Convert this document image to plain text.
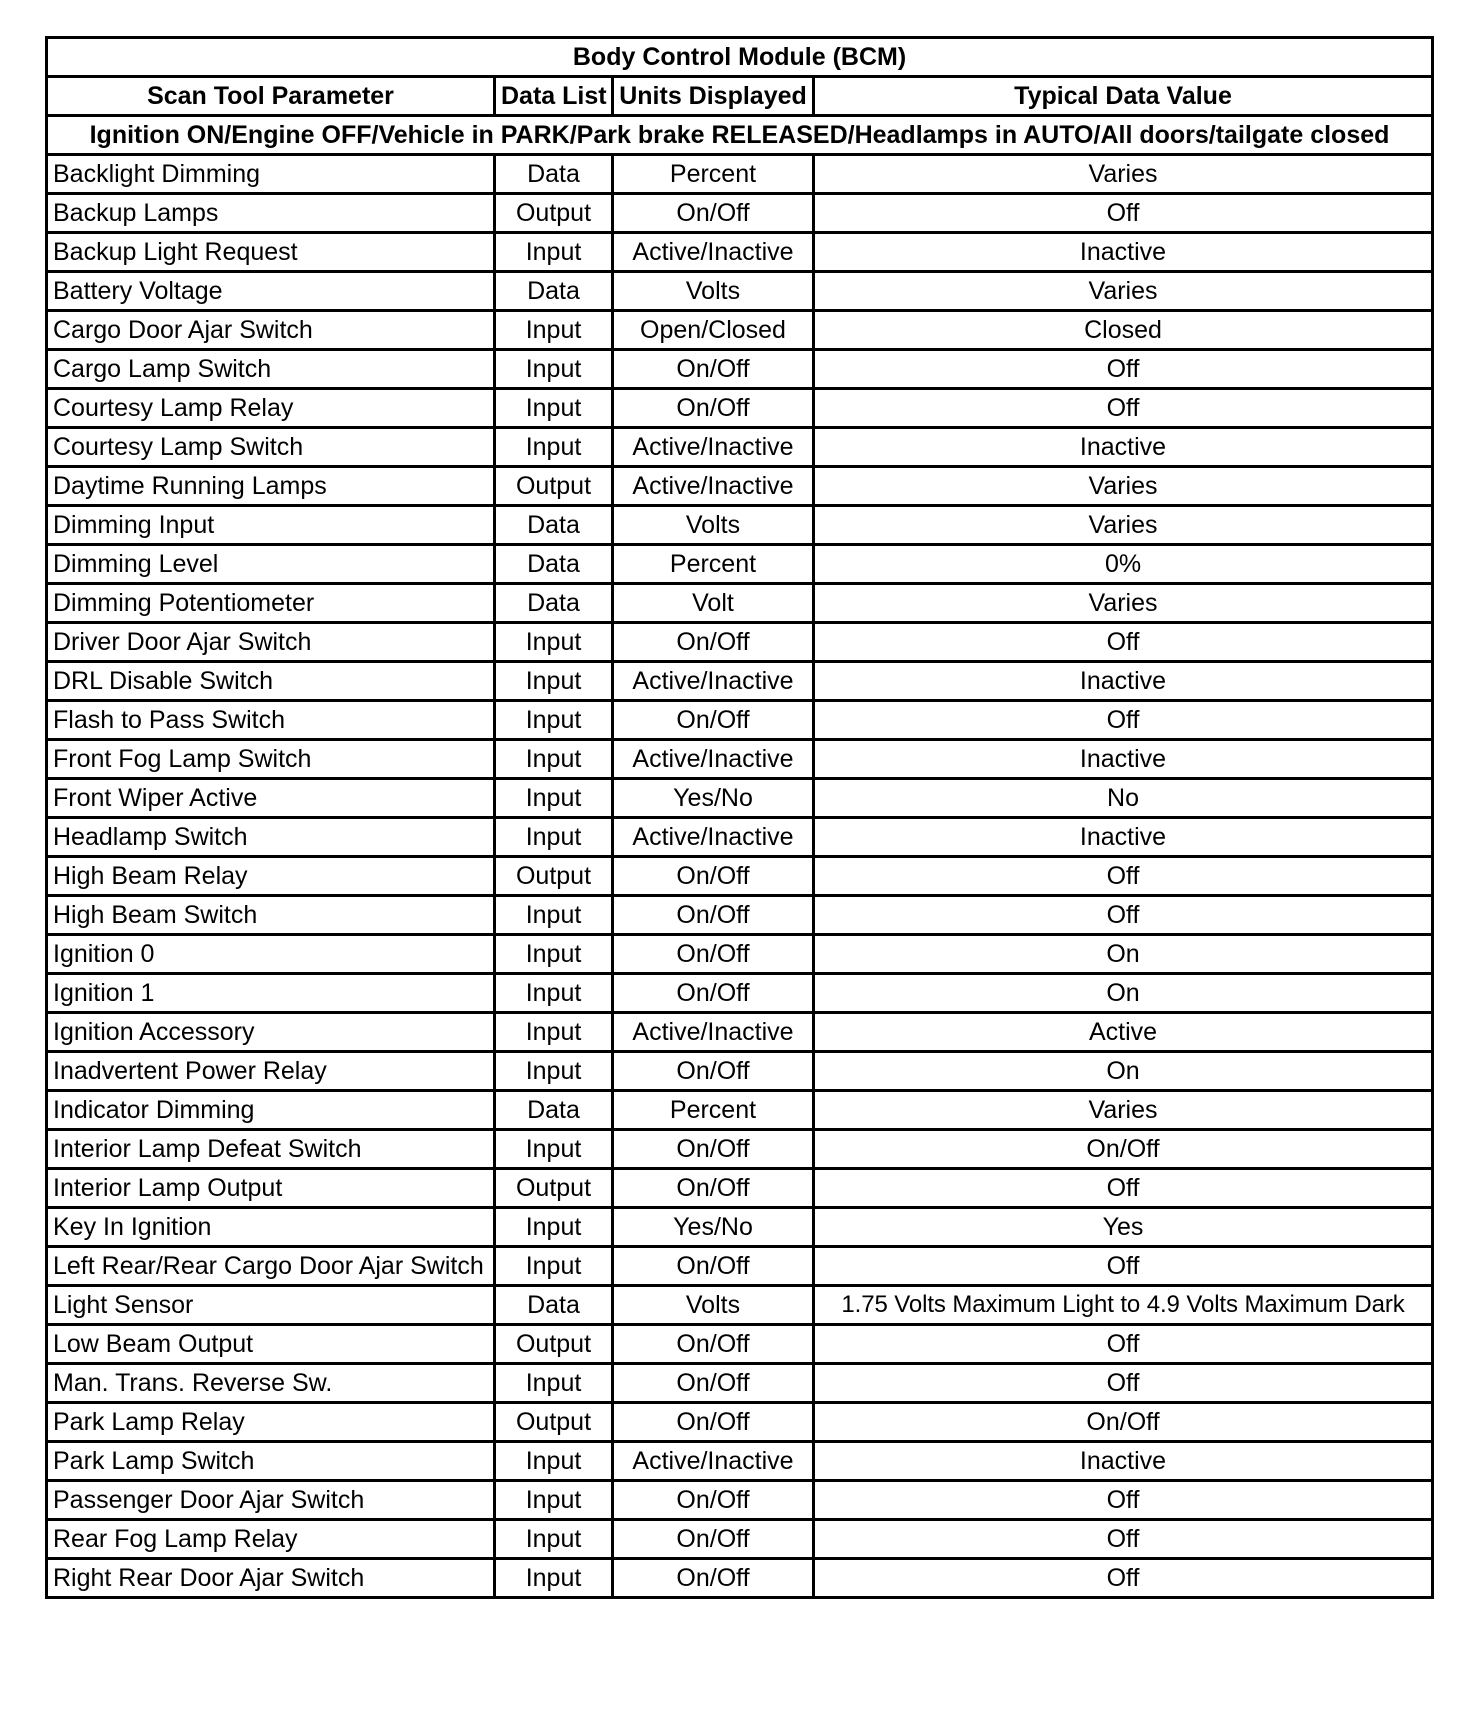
Body Control Module (BCM)			
Scan Tool Parameter	Data List	Units Displayed	Typical Data Value
Ignition ON/Engine OFF/Vehicle in PARK/Park brake RELEASED/Headlamps in AUTO/All doors/tailgate closed			
Backlight Dimming	Data	Percent	Varies
Backup Lamps	Output	On/Off	Off
Backup Light Request	Input	Active/Inactive	Inactive
Battery Voltage	Data	Volts	Varies
Cargo Door Ajar Switch	Input	Open/Closed	Closed
Cargo Lamp Switch	Input	On/Off	Off
Courtesy Lamp Relay	Input	On/Off	Off
Courtesy Lamp Switch	Input	Active/Inactive	Inactive
Daytime Running Lamps	Output	Active/Inactive	Varies
Dimming Input	Data	Volts	Varies
Dimming Level	Data	Percent	0%
Dimming Potentiometer	Data	Volt	Varies
Driver Door Ajar Switch	Input	On/Off	Off
DRL Disable Switch	Input	Active/Inactive	Inactive
Flash to Pass Switch	Input	On/Off	Off
Front Fog Lamp Switch	Input	Active/Inactive	Inactive
Front Wiper Active	Input	Yes/No	No
Headlamp Switch	Input	Active/Inactive	Inactive
High Beam Relay	Output	On/Off	Off
High Beam Switch	Input	On/Off	Off
Ignition 0	Input	On/Off	On
Ignition 1	Input	On/Off	On
Ignition Accessory	Input	Active/Inactive	Active
Inadvertent Power Relay	Input	On/Off	On
Indicator Dimming	Data	Percent	Varies
Interior Lamp Defeat Switch	Input	On/Off	On/Off
Interior Lamp Output	Output	On/Off	Off
Key In Ignition	Input	Yes/No	Yes
Left Rear/Rear Cargo Door Ajar Switch	Input	On/Off	Off
Light Sensor	Data	Volts	1.75 Volts Maximum Light to 4.9 Volts Maximum Dark
Low Beam Output	Output	On/Off	Off
Man. Trans. Reverse Sw.	Input	On/Off	Off
Park Lamp Relay	Output	On/Off	On/Off
Park Lamp Switch	Input	Active/Inactive	Inactive
Passenger Door Ajar Switch	Input	On/Off	Off
Rear Fog Lamp Relay	Input	On/Off	Off
Right Rear Door Ajar Switch	Input	On/Off	Off
